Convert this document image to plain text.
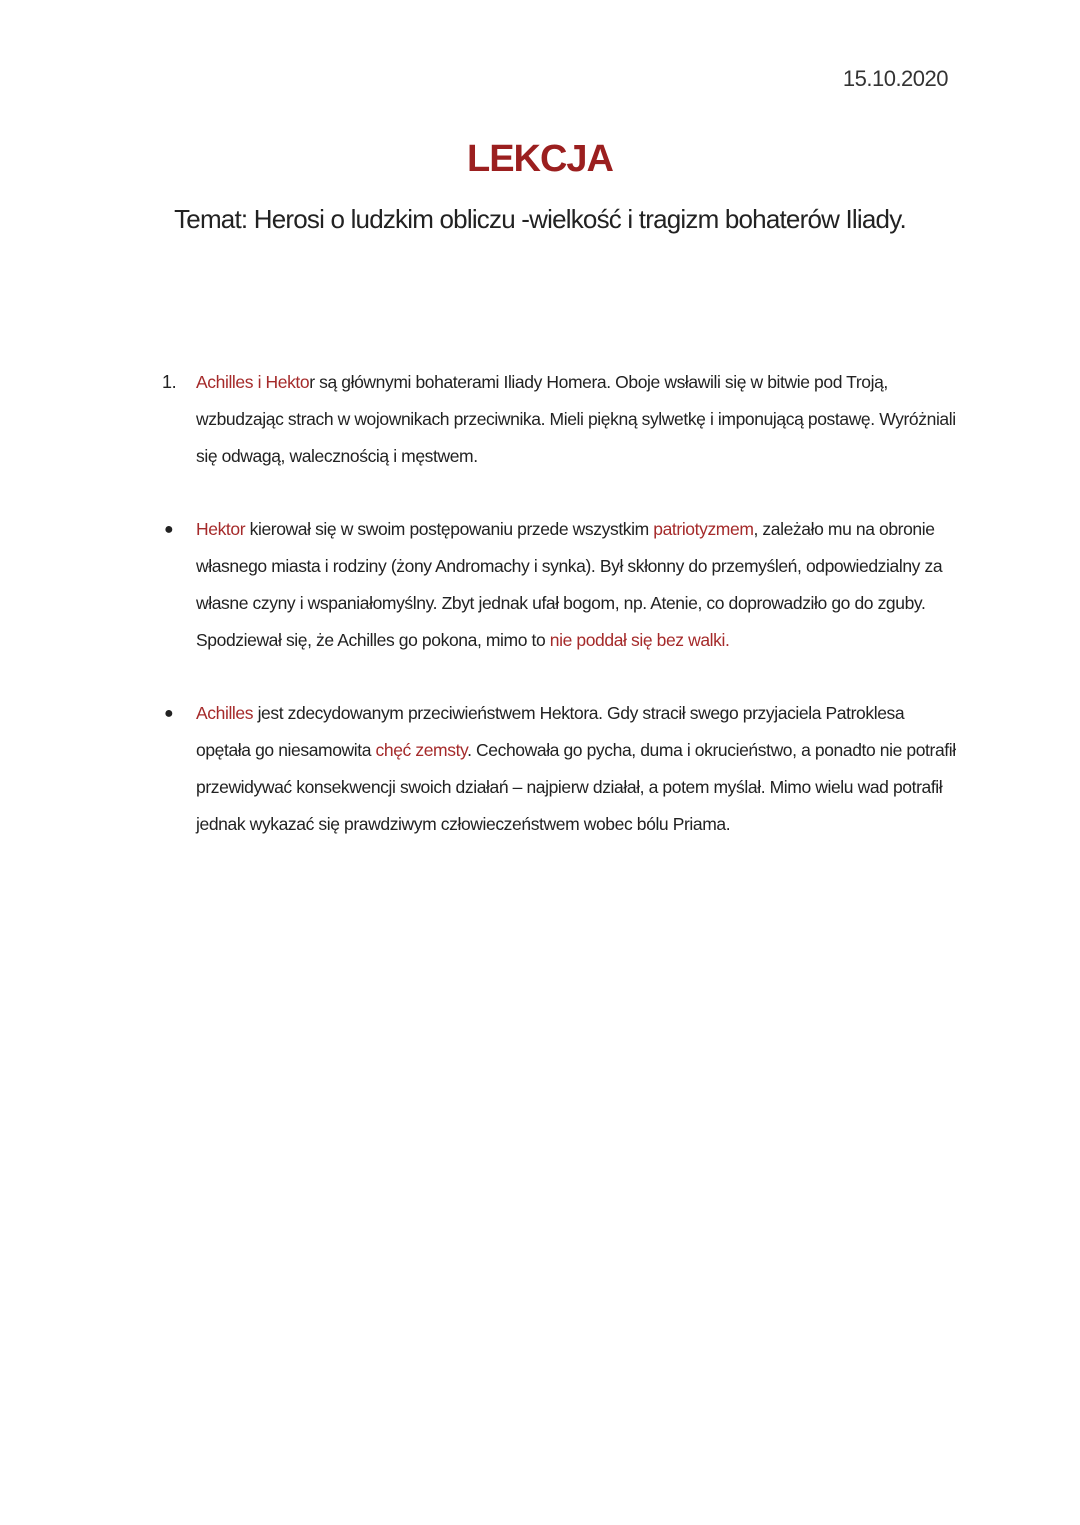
15.10.2020
LEKCJA
Temat: Herosi o ludzkim obliczu -wielkość i tragizm bohaterów Iliady.
1. Achilles i Hektor są głównymi bohaterami Iliady Homera. Oboje wsławili się w bitwie pod Troją, wzbudzając strach w wojownikach przeciwnika. Mieli piękną sylwetkę i imponującą postawę. Wyróżniali się odwagą, walecznością i męstwem.
● Hektor kierował się w swoim postępowaniu przede wszystkim patriotyzmem, zależało mu na obronie własnego miasta i rodziny (żony Andromachy i synka). Był skłonny do przemyśleń, odpowiedzialny za własne czyny i wspaniałomyślny. Zbyt jednak ufał bogom, np. Atenie, co doprowadziło go do zguby. Spodziewał się, że Achilles go pokona, mimo to nie poddał się bez walki.
● Achilles jest zdecydowanym przeciwieństwem Hektora. Gdy stracił swego przyjaciela Patroklesa opętała go niesamowita chęć zemsty. Cechowała go pycha, duma i okrucieństwo, a ponadto nie potrafił przewidywać konsekwencji swoich działań – najpierw działał, a potem myślał. Mimo wielu wad potrafił jednak wykazać się prawdziwym człowieczeństwem wobec bólu Priama.
